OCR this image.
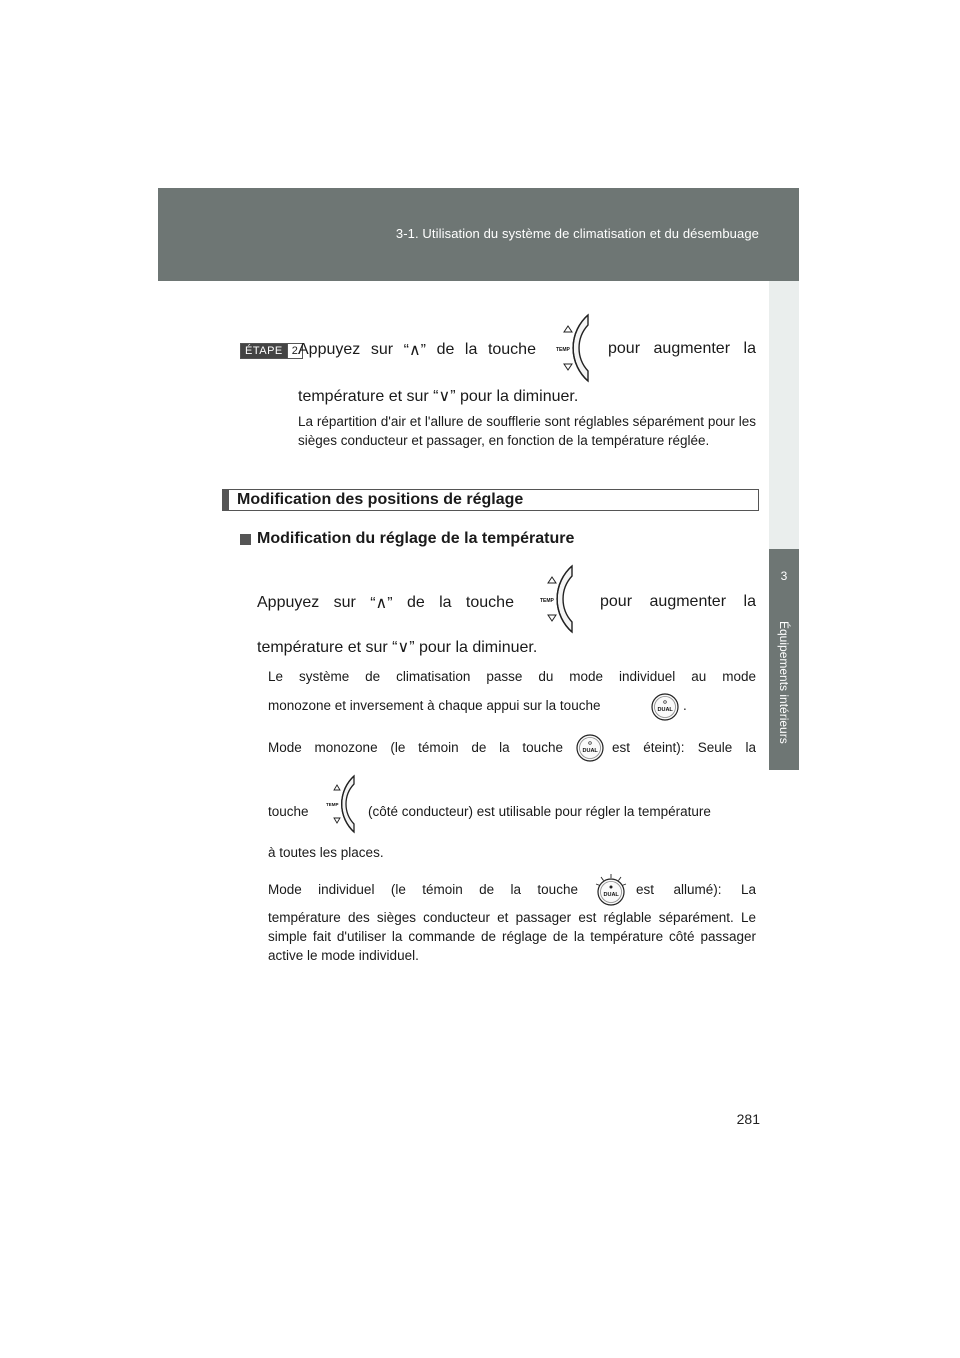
3-1. Utilisation du système de climatisation et du désembuage
3
Équipements intérieurs
ÉTAPE 2 Appuyez sur “∧” de la touche	TEMP pour augmenter la
température et sur “∨” pour la diminuer.
La répartition d'air et l'allure de soufflerie sont réglables séparément pour les sièges conducteur et passager, en fonction de la température réglée.
Modification des positions de réglage
Modification du réglage de la température
Appuyez sur “∧” de la touche	TEMP	pour augmenter la
température et sur “∨” pour la diminuer.
Le système de climatisation passe du mode individuel au mode
monozone et inversement à chaque appui sur la touche	DUAL .
Mode monozone (le témoin de la touche	DUAL est éteint): Seule la
touche	TEMP (côté conducteur) est utilisable pour régler la température
à toutes les places.
Mode individuel (le témoin de la touche	DUAL est allumé): La
température des sièges conducteur et passager est réglable séparément. Le simple fait d'utiliser la commande de réglage de la température côté passager active le mode individuel.
281
